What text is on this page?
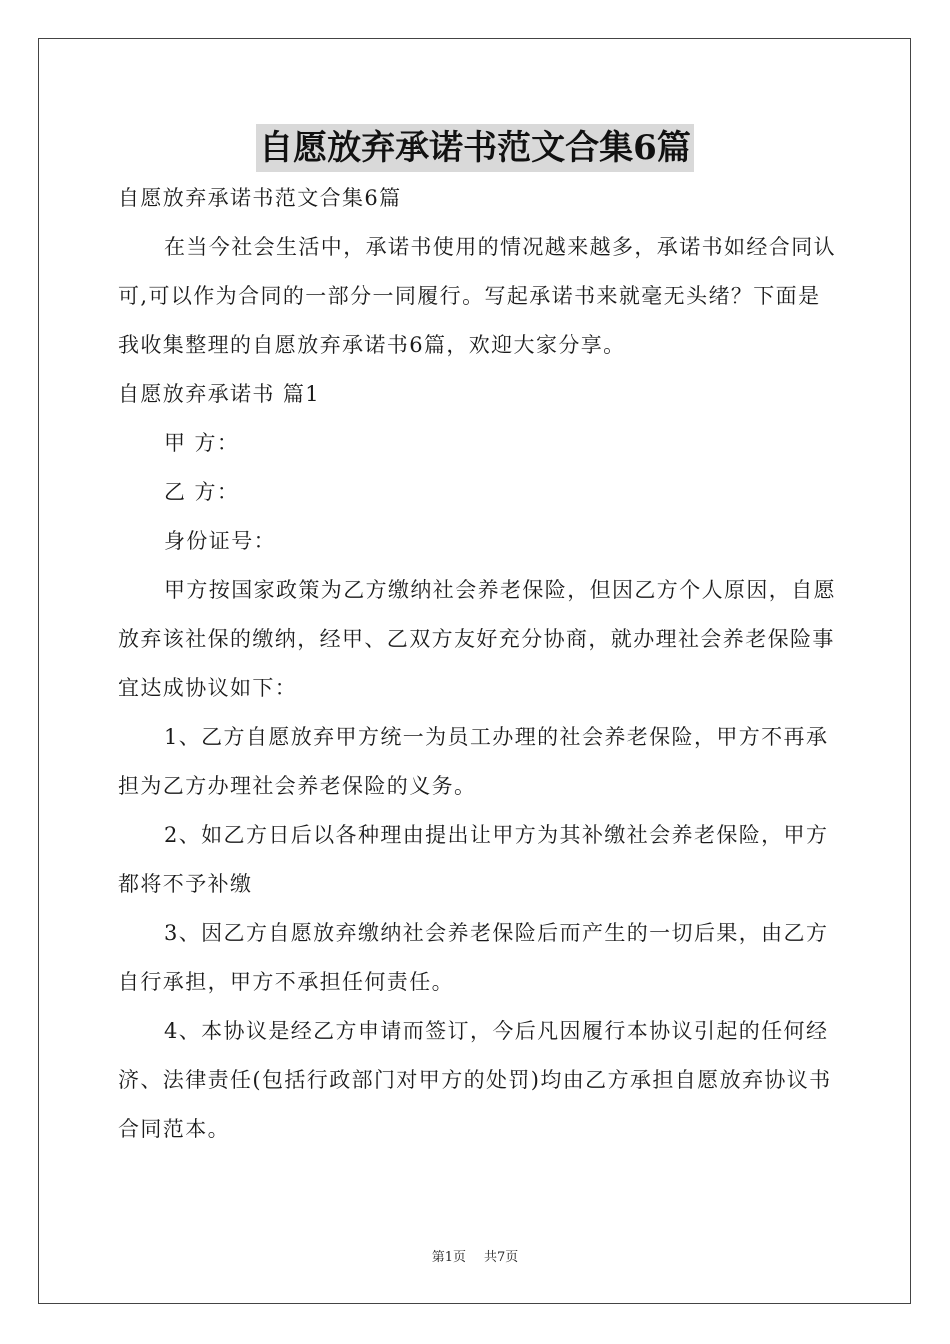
自愿放弃承诺书范文合集6篇

自愿放弃承诺书范文合集6篇

在当今社会生活中，承诺书使用的情况越来越多，承诺书如经合同认可,可以作为合同的一部分一同履行。写起承诺书来就毫无头绪？下面是我收集整理的自愿放弃承诺书6篇，欢迎大家分享。

自愿放弃承诺书 篇1

甲 方：

乙 方：

身份证号：

甲方按国家政策为乙方缴纳社会养老保险，但因乙方个人原因，自愿放弃该社保的缴纳，经甲、乙双方友好充分协商，就办理社会养老保险事宜达成协议如下：

1、乙方自愿放弃甲方统一为员工办理的社会养老保险，甲方不再承担为乙方办理社会养老保险的义务。

2、如乙方日后以各种理由提出让甲方为其补缴社会养老保险，甲方都将不予补缴

3、因乙方自愿放弃缴纳社会养老保险后而产生的一切后果，由乙方自行承担，甲方不承担任何责任。

4、本协议是经乙方申请而签订，今后凡因履行本协议引起的任何经济、法律责任(包括行政部门对甲方的处罚)均由乙方承担自愿放弃协议书合同范本。

第1页 共7页
